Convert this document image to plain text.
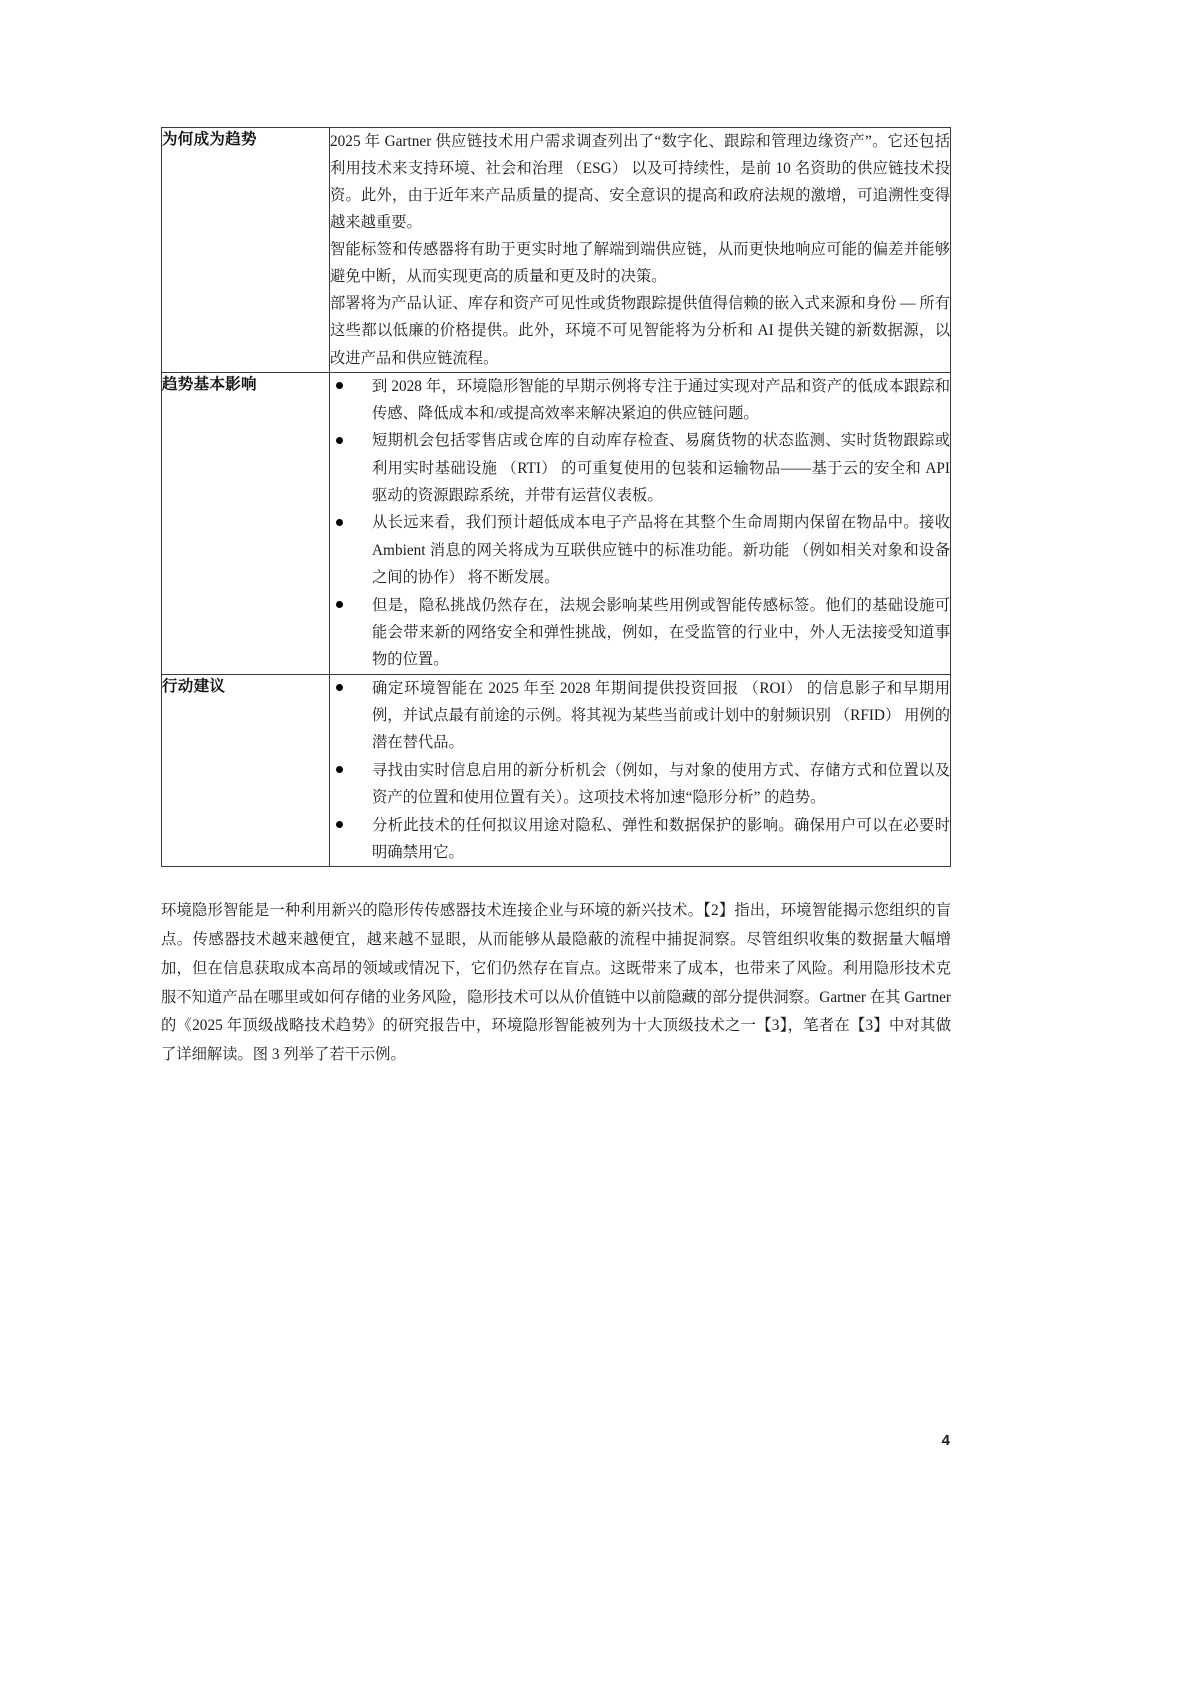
为何成为趋势	2025 年 Gartner 供应链技术用户需求调查列出了“数字化、跟踪和管理边缘资产”。它还包括利用技术来支持环境、社会和治理 （ESG） 以及可持续性，是前 10 名资助的供应链技术投资。此外，由于近年来产品质量的提高、安全意识的提高和政府法规的激增，可追溯性变得越来越重要。

智能标签和传感器将有助于更实时地了解端到端供应链，从而更快地响应可能的偏差并能够避免中断，从而实现更高的质量和更及时的决策。

部署将为产品认证、库存和资产可见性或货物跟踪提供值得信赖的嵌入式来源和身份 — 所有这些都以低廉的价格提供。此外，环境不可见智能将为分析和 AI 提供关键的新数据源，以改进产品和供应链流程。

趋势基本影响	到 2028 年，环境隐形智能的早期示例将专注于通过实现对产品和资产的低成本跟踪和传感、降低成本和/或提高效率来解决紧迫的供应链问题。
短期机会包括零售店或仓库的自动库存检查、易腐货物的状态监测、实时货物跟踪或利用实时基础设施 （RTI） 的可重复使用的包装和运输物品——基于云的安全和 API 驱动的资源跟踪系统，并带有运营仪表板。
从长远来看，我们预计超低成本电子产品将在其整个生命周期内保留在物品中。接收 Ambient 消息的网关将成为互联供应链中的标准功能。新功能 （例如相关对象和设备之间的协作） 将不断发展。
但是，隐私挑战仍然存在，法规会影响某些用例或智能传感标签。他们的基础设施可能会带来新的网络安全和弹性挑战，例如，在受监管的行业中，外人无法接受知道事物的位置。

行动建议	确定环境智能在 2025 年至 2028 年期间提供投资回报 （ROI） 的信息影子和早期用例，并试点最有前途的示例。将其视为某些当前或计划中的射频识别 （RFID） 用例的潜在替代品。
寻找由实时信息启用的新分析机会（例如，与对象的使用方式、存储方式和位置以及资产的位置和使用位置有关）。这项技术将加速“隐形分析” 的趋势。
分析此技术的任何拟议用途对隐私、弹性和数据保护的影响。确保用户可以在必要时明确禁用它。

环境隐形智能是一种利用新兴的隐形传传感器技术连接企业与环境的新兴技术。【2】指出，环境智能揭示您组织的盲点。传感器技术越来越便宜，越来越不显眼，从而能够从最隐蔽的流程中捕捉洞察。尽管组织收集的数据量大幅增加，但在信息获取成本高昂的领域或情况下，它们仍然存在盲点。这既带来了成本，也带来了风险。利用隐形技术克服不知道产品在哪里或如何存储的业务风险，隐形技术可以从价值链中以前隐藏的部分提供洞察。Gartner 在其 Gartner 的《2025 年顶级战略技术趋势》的研究报告中，环境隐形智能被列为十大顶级技术之一【3】，笔者在【3】中对其做了详细解读。图 3 列举了若干示例。

4
